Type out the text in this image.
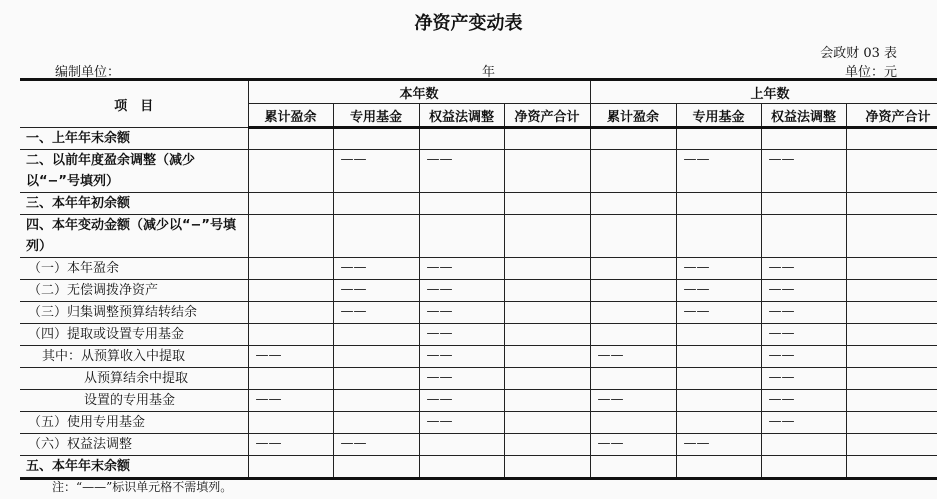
净资产变动表
会政财 03 表
编制单位：	年	单位：元
项　目	本年数				上年数			
	累计盈余	专用基金	权益法调整	净资产合计	累计盈余	专用基金	权益法调整	净资产合计
一、上年年末余额								
二、以前年度盈余调整（减少以“−”号填列）		——	——			——	——	
三、本年年初余额								
四、本年变动金额（减少以“−”号填列）								
（一）本年盈余		——	——			——	——	
（二）无偿调拨净资产		——	——			——	——	
（三）归集调整预算结转结余		——	——			——	——	
（四）提取或设置专用基金			——				——	
其中：从预算收入中提取	——		——		——		——	
从预算结余中提取			——				——	
设置的专用基金	——		——		——		——	
（五）使用专用基金			——				——	
（六）权益法调整	——	——			——	——		
五、本年年末余额								
注：“——”标识单元格不需填列。
